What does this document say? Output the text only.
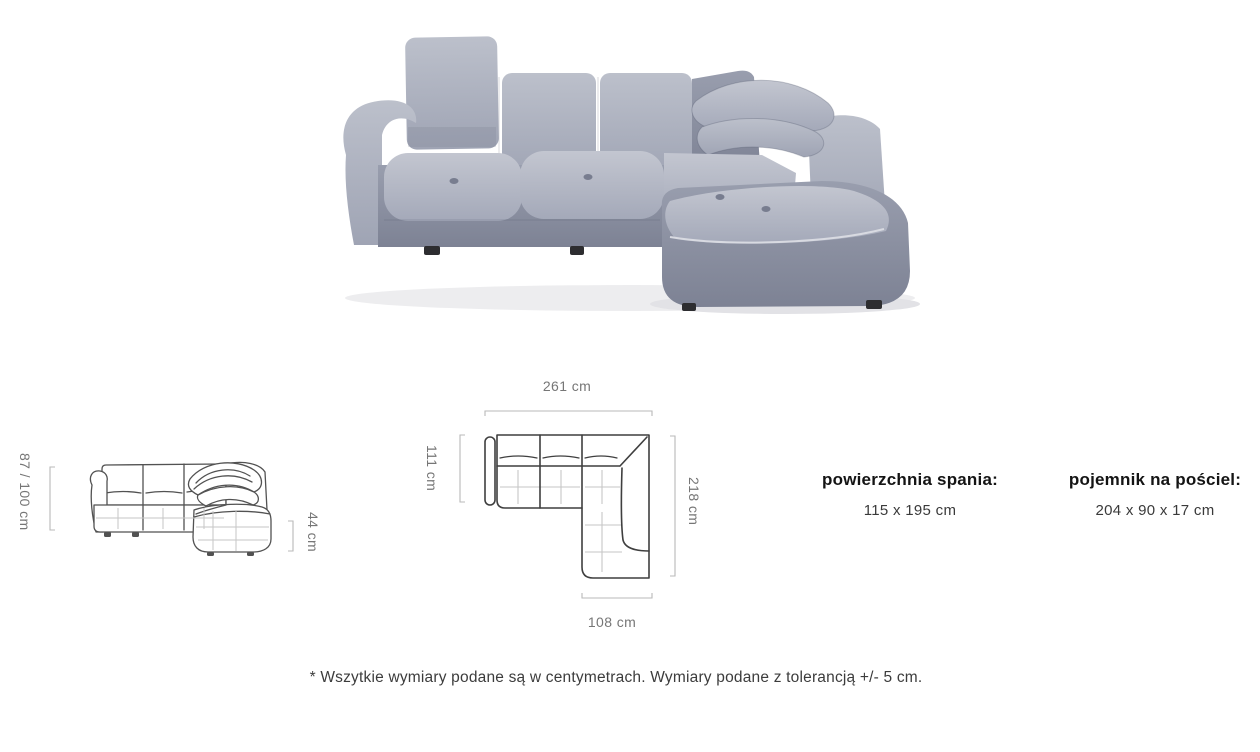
87 / 100 cm
44 cm
261 cm
111 cm
218 cm
108 cm
powierzchnia spania:
115 x 195 cm
pojemnik na pościel:
204 x 90 x 17 cm
* Wszytkie wymiary podane są w centymetrach. Wymiary podane z tolerancją +/- 5 cm.
